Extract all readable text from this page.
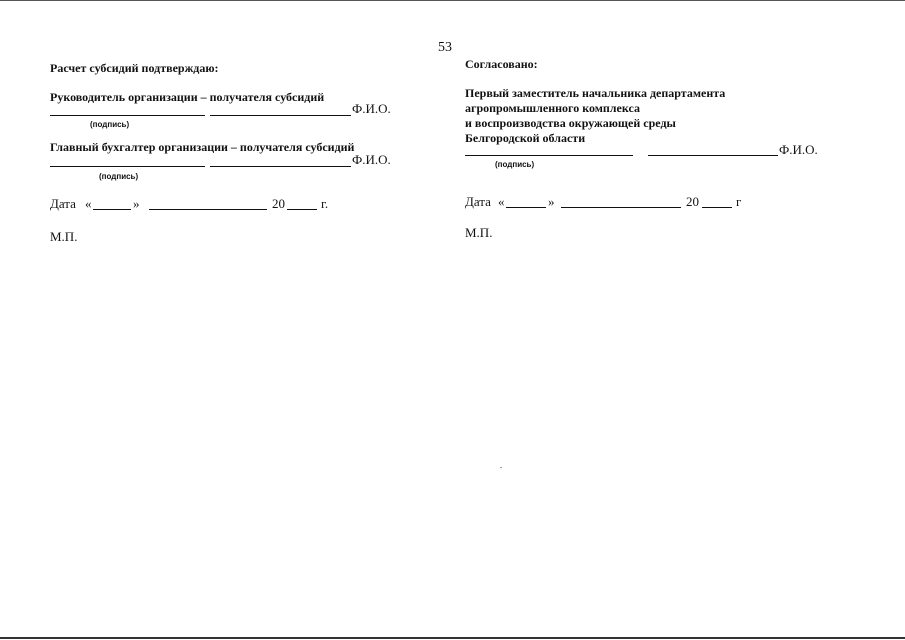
53
Расчет субсидий подтверждаю:
Руководитель организации – получателя субсидий
Ф.И.О.
(подпись)
Главный бухгалтер организации – получателя субсидий
Ф.И.О.
(подпись)
Дата «	»	20	г.
М.П.
Согласовано:
Первый заместитель начальника департамента
агропромышленного комплекса
и воспроизводства окружающей среды
Белгородской области
Ф.И.О.
(подпись)
Дата «	»	20	г
М.П.
